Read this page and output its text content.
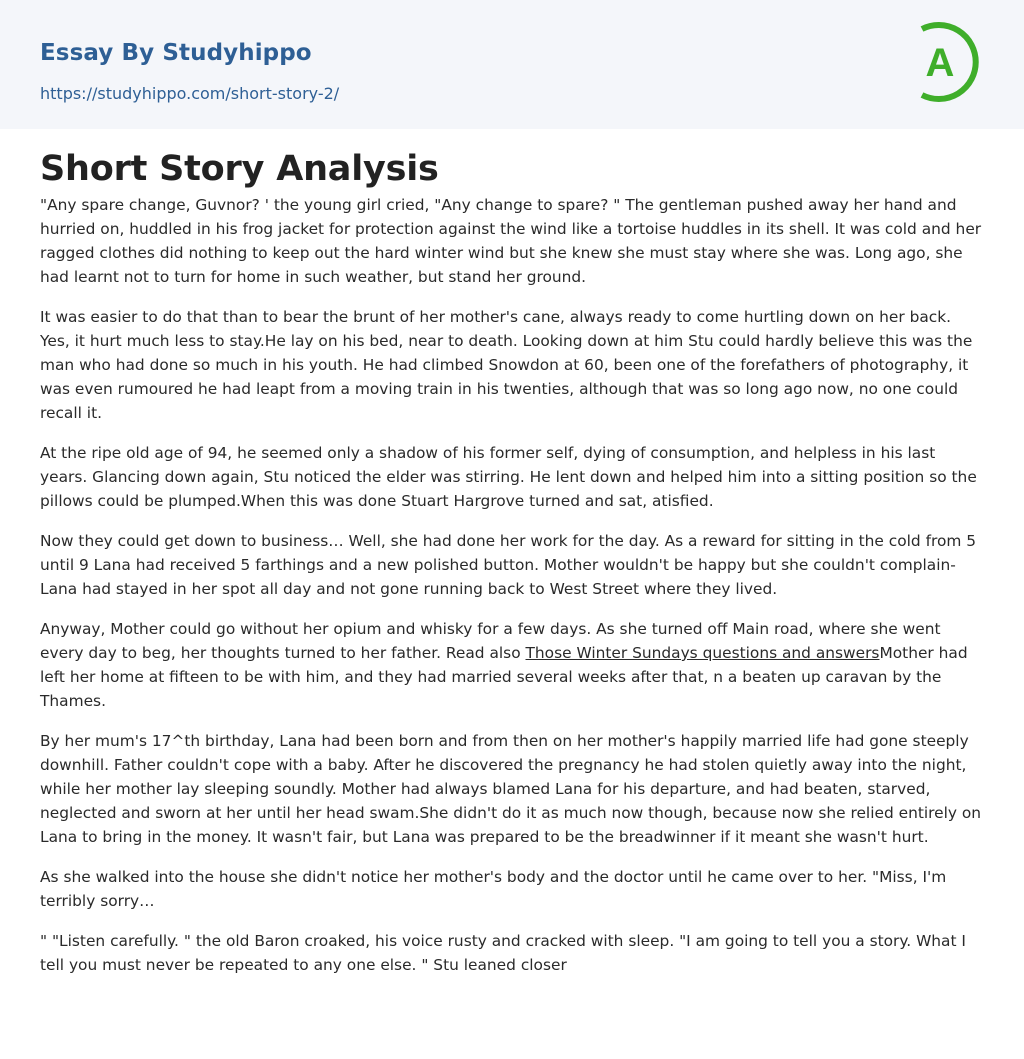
Essay By Studyhippo
https://studyhippo.com/short-story-2/
A
Short Story Analysis

"Any spare change, Guvnor? ' the young girl cried, "Any change to spare? " The gentleman pushed away her hand and hurried on, huddled in his frog jacket for protection against the wind like a tortoise huddles in its shell. It was cold and her ragged clothes did nothing to keep out the hard winter wind but she knew she must stay where she was. Long ago, she had learnt not to turn for home in such weather, but stand her ground.

It was easier to do that than to bear the brunt of her mother's cane, always ready to come hurtling down on her back. Yes, it hurt much less to stay.He lay on his bed, near to death. Looking down at him Stu could hardly believe this was the man who had done so much in his youth. He had climbed Snowdon at 60, been one of the forefathers of photography, it was even rumoured he had leapt from a moving train in his twenties, although that was so long ago now, no one could recall it.

At the ripe old age of 94, he seemed only a shadow of his former self, dying of consumption, and helpless in his last years. Glancing down again, Stu noticed the elder was stirring. He lent down and helped him into a sitting position so the pillows could be plumped.When this was done Stuart Hargrove turned and sat, atisfied.

Now they could get down to business… Well, she had done her work for the day. As a reward for sitting in the cold from 5 until 9 Lana had received 5 farthings and a new polished button. Mother wouldn't be happy but she couldn't complain-Lana had stayed in her spot all day and not gone running back to West Street where they lived.

Anyway, Mother could go without her opium and whisky for a few days. As she turned off Main road, where she went every day to beg, her thoughts turned to her father. Read also Those Winter Sundays questions and answersMother had left her home at fifteen to be with him, and they had married several weeks after that, n a beaten up caravan by the Thames.

By her mum's 17^th birthday, Lana had been born and from then on her mother's happily married life had gone steeply downhill. Father couldn't cope with a baby. After he discovered the pregnancy he had stolen quietly away into the night, while her mother lay sleeping soundly. Mother had always blamed Lana for his departure, and had beaten, starved, neglected and sworn at her until her head swam.She didn't do it as much now though, because now she relied entirely on Lana to bring in the money. It wasn't fair, but Lana was prepared to be the breadwinner if it meant she wasn't hurt.

As she walked into the house she didn't notice her mother's body and the doctor until he came over to her. "Miss, I'm terribly sorry…

" "Listen carefully. " the old Baron croaked, his voice rusty and cracked with sleep. "I am going to tell you a story. What I tell you must never be repeated to any one else. " Stu leaned closer
